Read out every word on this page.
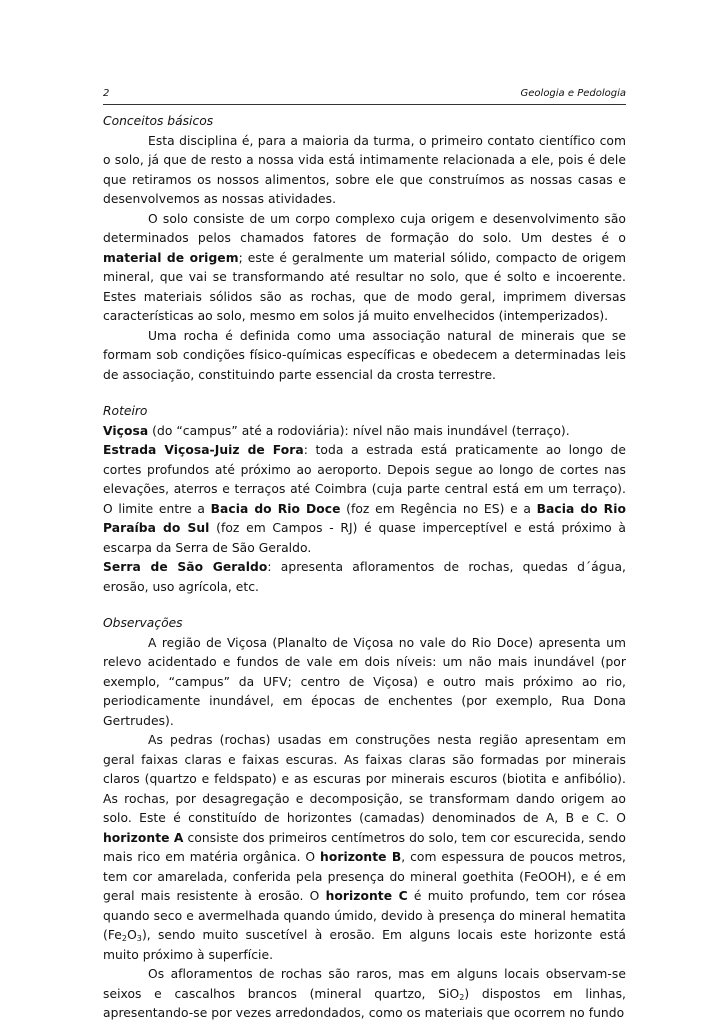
2	Geologia e Pedologia
Conceitos básicos

Esta disciplina é, para a maioria da turma, o primeiro contato científico com o solo, já que de resto a nossa vida está intimamente relacionada a ele, pois é dele que retiramos os nossos alimentos, sobre ele que construímos as nossas casas e desenvolvemos as nossas atividades.

O solo consiste de um corpo complexo cuja origem e desenvolvimento são determinados pelos chamados fatores de formação do solo. Um destes é o material de origem; este é geralmente um material sólido, compacto de origem mineral, que vai se transformando até resultar no solo, que é solto e incoerente. Estes materiais sólidos são as rochas, que de modo geral, imprimem diversas características ao solo, mesmo em solos já muito envelhecidos (intemperizados).

Uma rocha é definida como uma associação natural de minerais que se formam sob condições físico-químicas específicas e obedecem a determinadas leis de associação, constituindo parte essencial da crosta terrestre.

Roteiro

Viçosa (do “campus” até a rodoviária): nível não mais inundável (terraço).

Estrada Viçosa-Juiz de Fora: toda a estrada está praticamente ao longo de cortes profundos até próximo ao aeroporto. Depois segue ao longo de cortes nas elevações, aterros e terraços até Coimbra (cuja parte central está em um terraço). O limite entre a Bacia do Rio Doce (foz em Regência no ES) e a Bacia do Rio Paraíba do Sul (foz em Campos - RJ) é quase imperceptível e está próximo à escarpa da Serra de São Geraldo.

Serra de São Geraldo: apresenta afloramentos de rochas, quedas d´água, erosão, uso agrícola, etc.

Observações

A região de Viçosa (Planalto de Viçosa no vale do Rio Doce) apresenta um relevo acidentado e fundos de vale em dois níveis: um não mais inundável (por exemplo, “campus” da UFV; centro de Viçosa) e outro mais próximo ao rio, periodicamente inundável, em épocas de enchentes (por exemplo, Rua Dona Gertrudes).

As pedras (rochas) usadas em construções nesta região apresentam em geral faixas claras e faixas escuras. As faixas claras são formadas por minerais claros (quartzo e feldspato) e as escuras por minerais escuros (biotita e anfibólio). As rochas, por desagregação e decomposição, se transformam dando origem ao solo. Este é constituído de horizontes (camadas) denominados de A, B e C. O horizonte A consiste dos primeiros centímetros do solo, tem cor escurecida, sendo mais rico em matéria orgânica. O horizonte B, com espessura de poucos metros, tem cor amarelada, conferida pela presença do mineral goethita (FeOOH), e é em geral mais resistente à erosão. O horizonte C é muito profundo, tem cor rósea quando seco e avermelhada quando úmido, devido à presença do mineral hematita $(Fe_2O_3)$, sendo muito suscetível à erosão. Em alguns locais este horizonte está muito próximo à superfície.

Os afloramentos de rochas são raros, mas em alguns locais observam-se seixos e cascalhos brancos (mineral quartzo, SiO$_2$) dispostos em linhas, apresentando-se por vezes arredondados, como os materiais que ocorrem no fundo
